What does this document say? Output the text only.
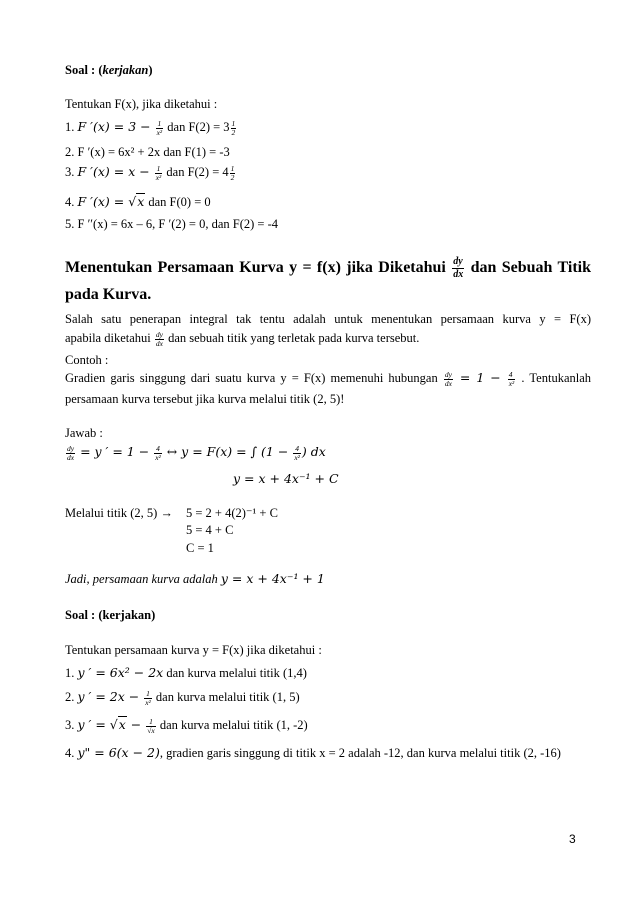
Soal : (kerjakan)
Tentukan F(x), jika diketahui :
1. F $'(x) = 3 - \frac{1}{\text{x²}}$ dan $F(2) = 3 \frac{1}{2}$
2. F ′(x) = 6x² + 2x dan F(1) = -3
3. F $'(x) = x - \frac{1}{\text{x²}}$ dan $F(2) = 4 \frac{1}{2}$
4. F ′(x) = √x dan F(0) = 0
5. F ′′(x) = 6x – 6, F ′(2) = 0, dan F(2) = -4
Menentukan Persamaan Kurva y = f(x) jika Diketahui $\frac{dy}{dx}$ dan Sebuah Titik
pada Kurva.
Salah satu penerapan integral tak tentu adalah untuk menentukan persamaan kurva y = F(x)
apabila diketahui $\frac{dy}{dx}$ dan sebuah titik yang terletak pada kurva tersebut.
Contoh :
Gradien garis singgung dari suatu kurva y = F(x) memenuhi hubungan $\frac{dy}{dx} = 1 - \frac{4}{\text{x²}}$ . Tentukanlah
persamaan kurva tersebut jika kurva melalui titik (2, 5)!
Jawab :
$\frac{dy}{dx} = y$ ′ = $1 - \frac{4}{\text{x²}}$ ↔ y = F(x) = ∫ ($1 - \frac{4}{\text{x²}}$ ) dx
y = x + 4x⁻¹ + C
Melalui titik (2, 5) → 5 = 2 + 4(2)⁻¹ + C
5 = 4 + C
C = 1
Jadi, persamaan kurva adalah y = x + 4x⁻¹ + 1
Soal : (kerjakan)
Tentukan persamaan kurva y = F(x) jika diketahui :
1. y ′ = 6x² − 2x dan kurva melalui titik (1,4)
2. y ′ = $2x - \frac{1}{\text{x²}}$ dan kurva melalui titik (1, 5)
3. y ′ = $√x - \frac{1}{√x}$ dan kurva melalui titik (1, -2)
4. y" = 6(x − 2), gradien garis singgung di titik x = 2 adalah -12, dan kurva melalui titik (2, -16)
3
